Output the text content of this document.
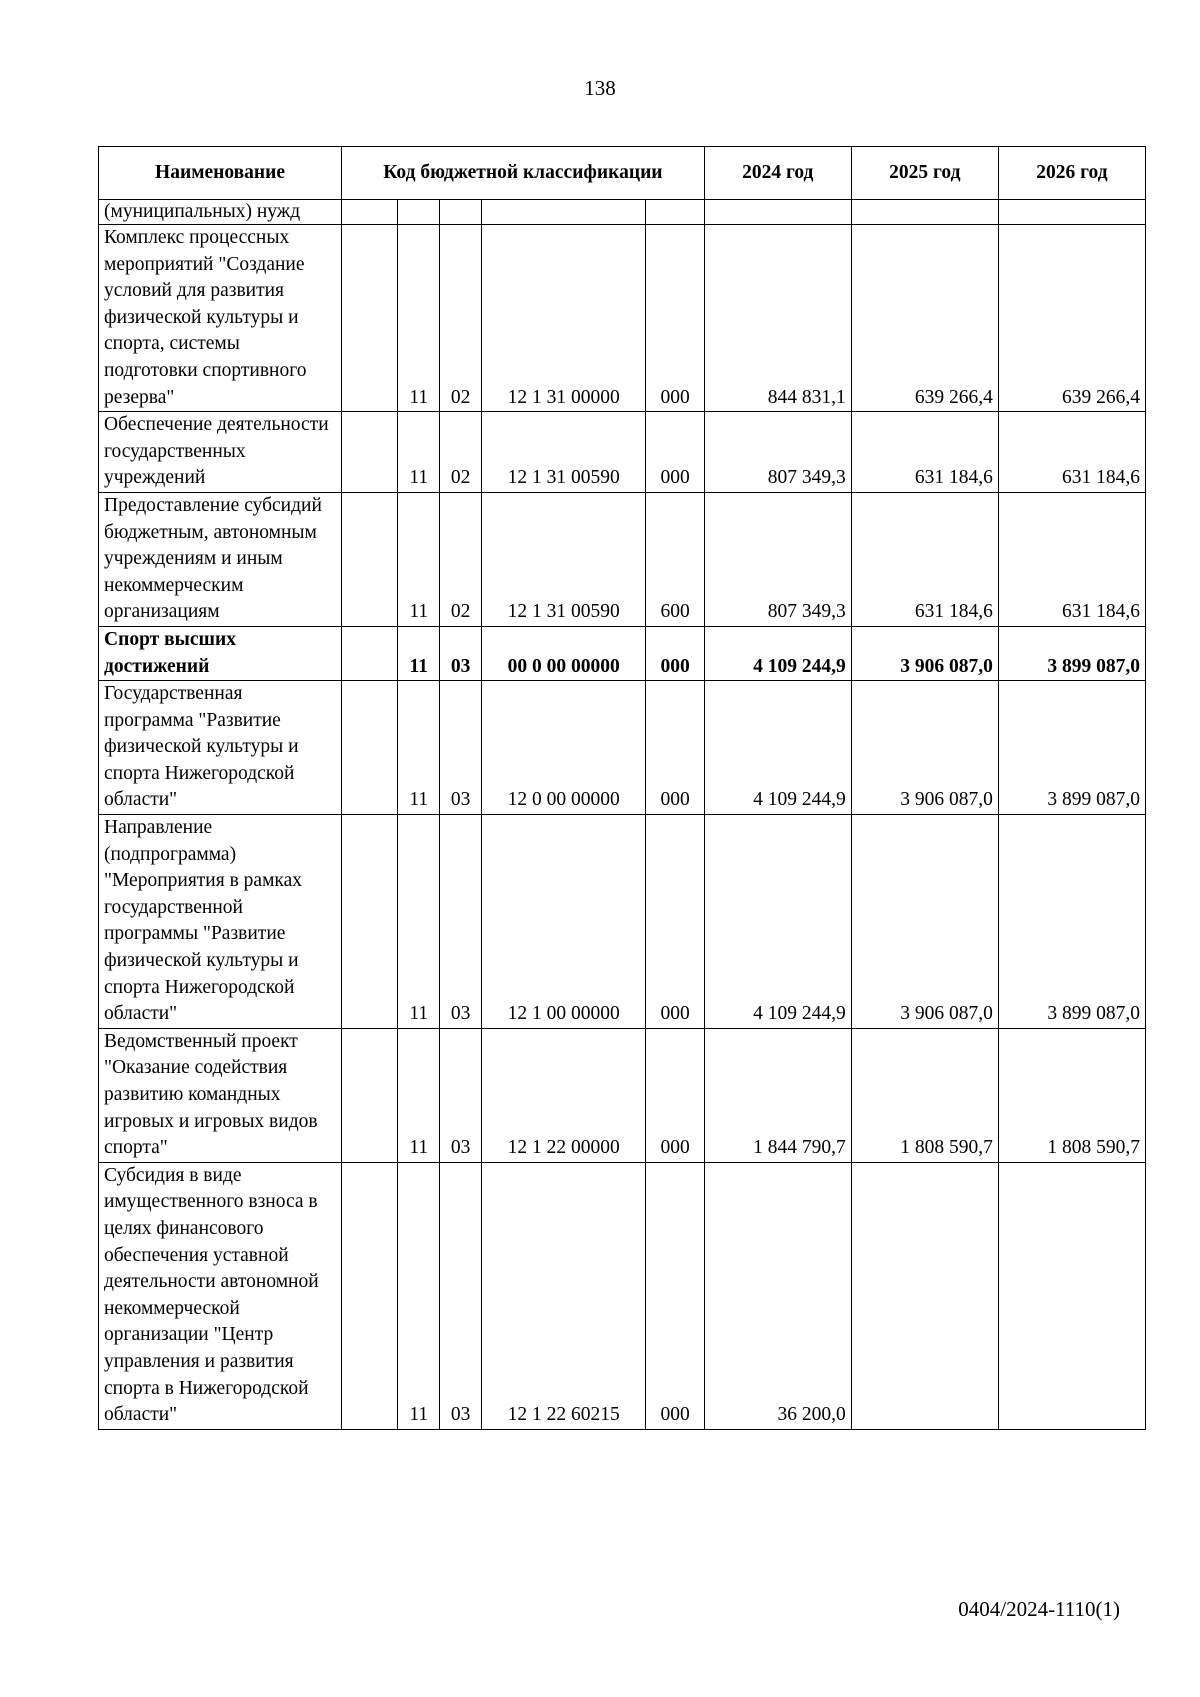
138
Наименование	Код бюджетной классификации					2024 год	2025 год	2026 год
(муниципальных) нужд								
Комплекс процессных мероприятий "Создание условий для развития физической культуры и спорта, системы подготовки спортивного резерва"		11	02	12 1 31 00000	000	844 831,1	639 266,4	639 266,4
Обеспечение деятельности государственных учреждений		11	02	12 1 31 00590	000	807 349,3	631 184,6	631 184,6
Предоставление субсидий бюджетным, автономным учреждениям и иным некоммерческим организациям		11	02	12 1 31 00590	600	807 349,3	631 184,6	631 184,6
Спорт высших достижений		11	03	00 0 00 00000	000	4 109 244,9	3 906 087,0	3 899 087,0
Государственная программа "Развитие физической культуры и спорта Нижегородской области"		11	03	12 0 00 00000	000	4 109 244,9	3 906 087,0	3 899 087,0
Направление (подпрограмма) "Мероприятия в рамках государственной программы "Развитие физической культуры и спорта Нижегородской области"		11	03	12 1 00 00000	000	4 109 244,9	3 906 087,0	3 899 087,0
Ведомственный проект "Оказание содействия развитию командных игровых и игровых видов спорта"		11	03	12 1 22 00000	000	1 844 790,7	1 808 590,7	1 808 590,7
Субсидия в виде имущественного взноса в целях финансового обеспечения уставной деятельности автономной некоммерческой организации "Центр управления и развития спорта в Нижегородской области"		11	03	12 1 22 60215	000	36 200,0		
0404/2024-1110(1)
